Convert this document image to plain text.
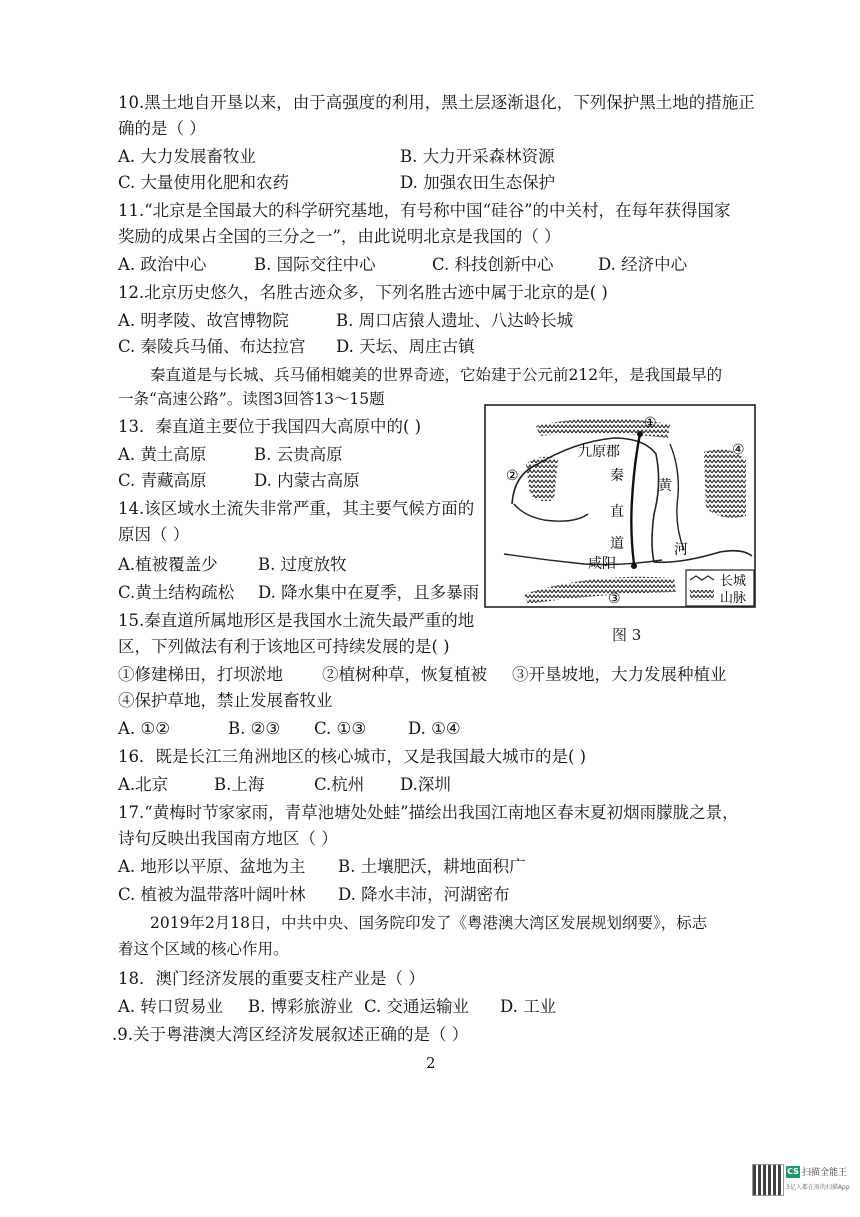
10.黑土地自开垦以来，由于高强度的利用，黑土层逐渐退化，下列保护黑土地的措施正
确的是（ ）
A. 大力发展畜牧业	B. 大力开采森林资源
C. 大量使用化肥和农药	D. 加强农田生态保护
11.“北京是全国最大的科学研究基地，有号称中国“硅谷”的中关村，在每年获得国家
奖励的成果占全国的三分之一”，由此说明北京是我国的（ ）
A. 政治中心	B. 国际交往中心	C. 科技创新中心	D. 经济中心
12.北京历史悠久，名胜古迹众多，下列名胜古迹中属于北京的是( )
A. 明孝陵、故宫博物院	B. 周口店猿人遗址、八达岭长城
C. 秦陵兵马俑、布达拉宫 D. 天坛、周庄古镇
秦直道是与长城、兵马俑相媲美的世界奇迹，它始建于公元前212年，是我国最早的
一条“高速公路”。读图3回答13～15题
13．秦直道主要位于我国四大高原中的( )
A. 黄土高原	B. 云贵高原
C. 青藏高原	D. 内蒙古高原
14.该区域水土流失非常严重，其主要气候方面的
原因（ ）
A.植被覆盖少 B. 过度放牧
C.黄土结构疏松 D. 降水集中在夏季，且多暴雨
15.秦直道所属地形区是我国水土流失最严重的地
区，下列做法有利于该地区可持续发展的是( )
①修建梯田，打坝淤地 ②植树种草，恢复植被 ③开垦坡地，大力发展种植业
④保护草地，禁止发展畜牧业
A. ①②	B. ②③ C. ①③	D. ①④
16．既是长江三角洲地区的核心城市，又是我国最大城市的是( )
A.北京	B.上海	C.杭州 D.深圳
17.“黄梅时节家家雨，青草池塘处处蛙”描绘出我国江南地区春末夏初烟雨朦胧之景，
诗句反映出我国南方地区（ ）
A. 地形以平原、盆地为主 B. 土壤肥沃，耕地面积广
C. 植被为温带落叶阔叶林 D. 降水丰沛，河湖密布
2019年2月18日，中共中央、国务院印发了《粤港澳大湾区发展规划纲要》，标志
着这个区域的核心作用。
18．澳门经济发展的重要支柱产业是（ ）
A. 转口贸易业 B. 博彩旅游业 C. 交通运输业 D. 工业
.9.关于粤港澳大湾区经济发展叙述正确的是（ ）
①
②
③
④
九原郡
秦
直
道
咸阳
黄
河
长城
山脉
图 3
2
CS 扫描全能王
3亿人都在用的扫描App
